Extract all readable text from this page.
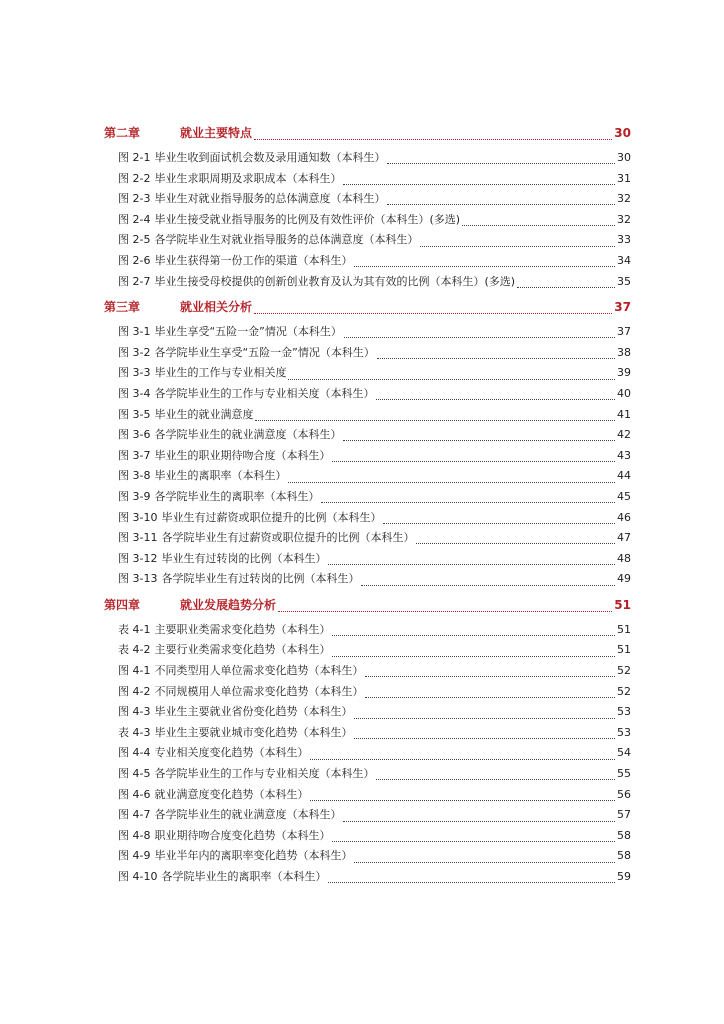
第二章	就业主要特点	30
图 2-1 毕业生收到面试机会数及录用通知数（本科生）	30
图 2-2 毕业生求职周期及求职成本（本科生）	31
图 2-3 毕业生对就业指导服务的总体满意度（本科生）	32
图 2-4 毕业生接受就业指导服务的比例及有效性评价（本科生）(多选)	32
图 2-5 各学院毕业生对就业指导服务的总体满意度（本科生）	33
图 2-6 毕业生获得第一份工作的渠道（本科生）	34
图 2-7 毕业生接受母校提供的创新创业教育及认为其有效的比例（本科生）(多选)	35
第三章	就业相关分析	37
图 3-1 毕业生享受“五险一金”情况（本科生）	37
图 3-2 各学院毕业生享受“五险一金”情况（本科生）	38
图 3-3 毕业生的工作与专业相关度	39
图 3-4 各学院毕业生的工作与专业相关度（本科生）	40
图 3-5 毕业生的就业满意度	41
图 3-6 各学院毕业生的就业满意度（本科生）	42
图 3-7 毕业生的职业期待吻合度（本科生）	43
图 3-8 毕业生的离职率（本科生）	44
图 3-9 各学院毕业生的离职率（本科生）	45
图 3-10 毕业生有过薪资或职位提升的比例（本科生）	46
图 3-11 各学院毕业生有过薪资或职位提升的比例（本科生）	47
图 3-12 毕业生有过转岗的比例（本科生）	48
图 3-13 各学院毕业生有过转岗的比例（本科生）	49
第四章	就业发展趋势分析	51
表 4-1 主要职业类需求变化趋势（本科生）	51
表 4-2 主要行业类需求变化趋势（本科生）	51
图 4-1 不同类型用人单位需求变化趋势（本科生）	52
图 4-2 不同规模用人单位需求变化趋势（本科生）	52
图 4-3 毕业生主要就业省份变化趋势（本科生）	53
表 4-3 毕业生主要就业城市变化趋势（本科生）	53
图 4-4 专业相关度变化趋势（本科生）	54
图 4-5 各学院毕业生的工作与专业相关度（本科生）	55
图 4-6 就业满意度变化趋势（本科生）	56
图 4-7 各学院毕业生的就业满意度（本科生）	57
图 4-8 职业期待吻合度变化趋势（本科生）	58
图 4-9 毕业半年内的离职率变化趋势（本科生）	58
图 4-10 各学院毕业生的离职率（本科生）	59
